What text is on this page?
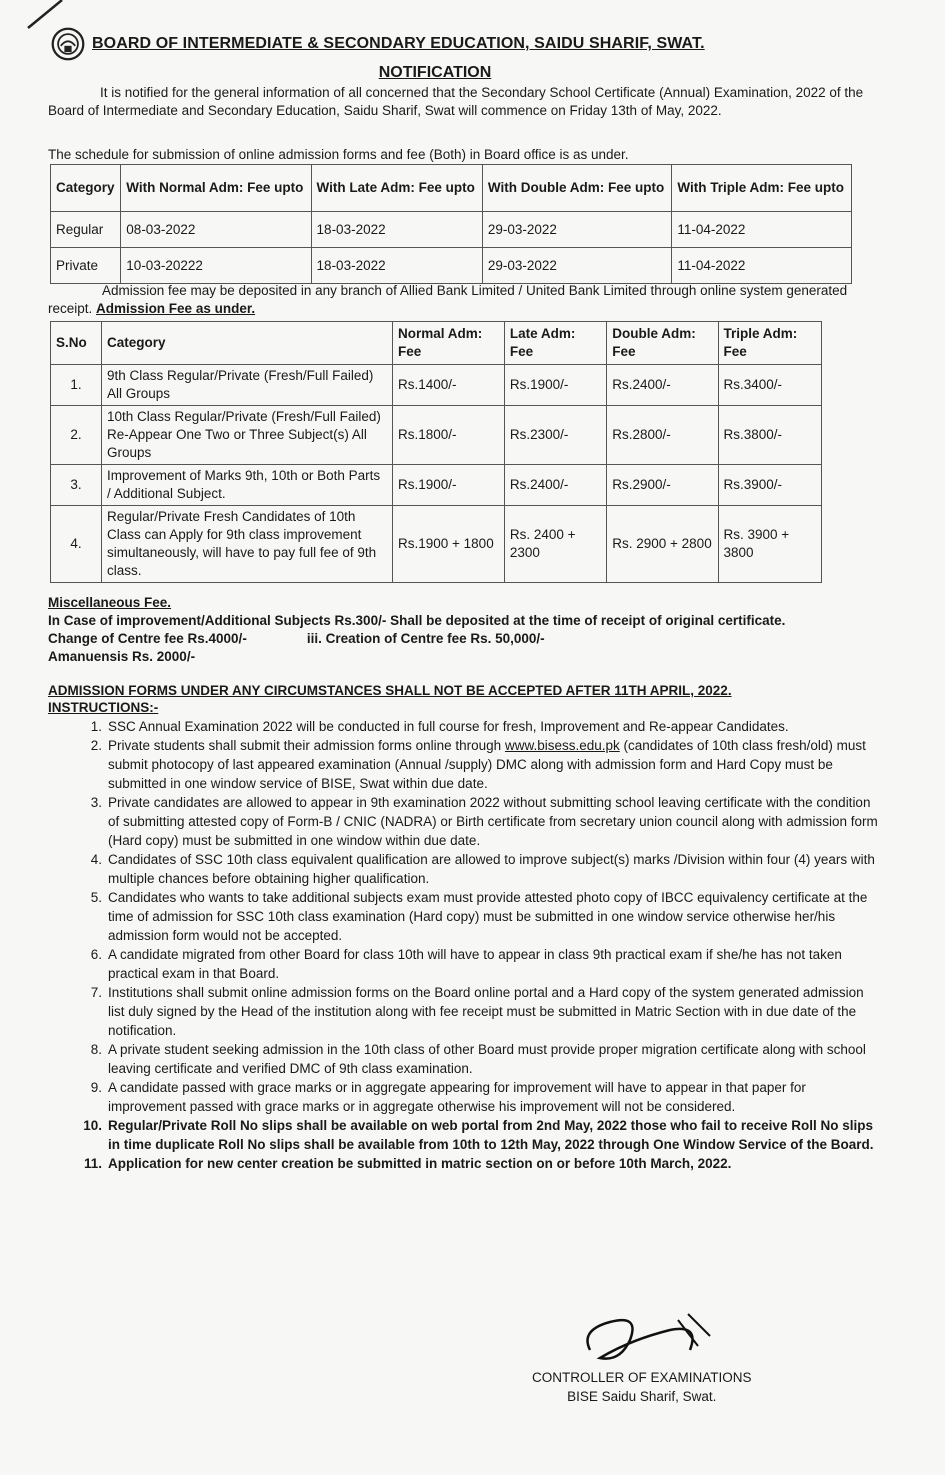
BOARD OF INTERMEDIATE & SECONDARY EDUCATION, SAIDU SHARIF, SWAT.
NOTIFICATION
It is notified for the general information of all concerned that the Secondary School Certificate (Annual) Examination, 2022 of the Board of Intermediate and Secondary Education, Saidu Sharif, Swat will commence on Friday 13th of May, 2022.
The schedule for submission of online admission forms and fee (Both) in Board office is as under.
Category	With Normal Adm: Fee upto	With Late Adm: Fee upto	With Double Adm: Fee upto	With Triple Adm: Fee upto
Regular	08-03-2022	18-03-2022	29-03-2022	11-04-2022
Private	10-03-20222	18-03-2022	29-03-2022	11-04-2022
Admission fee may be deposited in any branch of Allied Bank Limited / United Bank Limited through online system generated receipt. Admission Fee as under.
S.No	Category	Normal Adm: Fee	Late Adm: Fee	Double Adm: Fee	Triple Adm: Fee
1.	9th Class Regular/Private (Fresh/Full Failed) All Groups	Rs.1400/-	Rs.1900/-	Rs.2400/-	Rs.3400/-
2.	10th Class Regular/Private (Fresh/Full Failed) Re-Appear One Two or Three Subject(s) All Groups	Rs.1800/-	Rs.2300/-	Rs.2800/-	Rs.3800/-
3.	Improvement of Marks 9th, 10th or Both Parts / Additional Subject.	Rs.1900/-	Rs.2400/-	Rs.2900/-	Rs.3900/-
4.	Regular/Private Fresh Candidates of 10th Class can Apply for 9th class improvement simultaneously, will have to pay full fee of 9th class.	Rs.1900 + 1800	Rs. 2400 + 2300	Rs. 2900 + 2800	Rs. 3900 + 3800
Miscellaneous Fee.
In Case of improvement/Additional Subjects Rs.300/- Shall be deposited at the time of receipt of original certificate.
Change of Centre fee Rs.4000/-	iii. Creation of Centre fee Rs. 50,000/-
Amanuensis Rs. 2000/-
ADMISSION FORMS UNDER ANY CIRCUMSTANCES SHALL NOT BE ACCEPTED AFTER 11TH APRIL, 2022.
INSTRUCTIONS:-
1. SSC Annual Examination 2022 will be conducted in full course for fresh, Improvement and Re-appear Candidates.
2. Private students shall submit their admission forms online through www.bisess.edu.pk (candidates of 10th class fresh/old) must submit photocopy of last appeared examination (Annual /supply) DMC along with admission form and Hard Copy must be submitted in one window service of BISE, Swat within due date.
3. Private candidates are allowed to appear in 9th examination 2022 without submitting school leaving certificate with the condition of submitting attested copy of Form-B / CNIC (NADRA) or Birth certificate from secretary union council along with admission form (Hard copy) must be submitted in one window within due date.
4. Candidates of SSC 10th class equivalent qualification are allowed to improve subject(s) marks /Division within four (4) years with multiple chances before obtaining higher qualification.
5. Candidates who wants to take additional subjects exam must provide attested photo copy of IBCC equivalency certificate at the time of admission for SSC 10th class examination (Hard copy) must be submitted in one window service otherwise her/his admission form would not be accepted.
6. A candidate migrated from other Board for class 10th will have to appear in class 9th practical exam if she/he has not taken practical exam in that Board.
7. Institutions shall submit online admission forms on the Board online portal and a Hard copy of the system generated admission list duly signed by the Head of the institution along with fee receipt must be submitted in Matric Section with in due date of the notification.
8. A private student seeking admission in the 10th class of other Board must provide proper migration certificate along with school leaving certificate and verified DMC of 9th class examination.
9. A candidate passed with grace marks or in aggregate appearing for improvement will have to appear in that paper for improvement passed with grace marks or in aggregate otherwise his improvement will not be considered.
10. Regular/Private Roll No slips shall be available on web portal from 2nd May, 2022 those who fail to receive Roll No slips in time duplicate Roll No slips shall be available from 10th to 12th May, 2022 through One Window Service of the Board.
11. Application for new center creation be submitted in matric section on or before 10th March, 2022.
CONTROLLER OF EXAMINATIONS
BISE Saidu Sharif, Swat.
